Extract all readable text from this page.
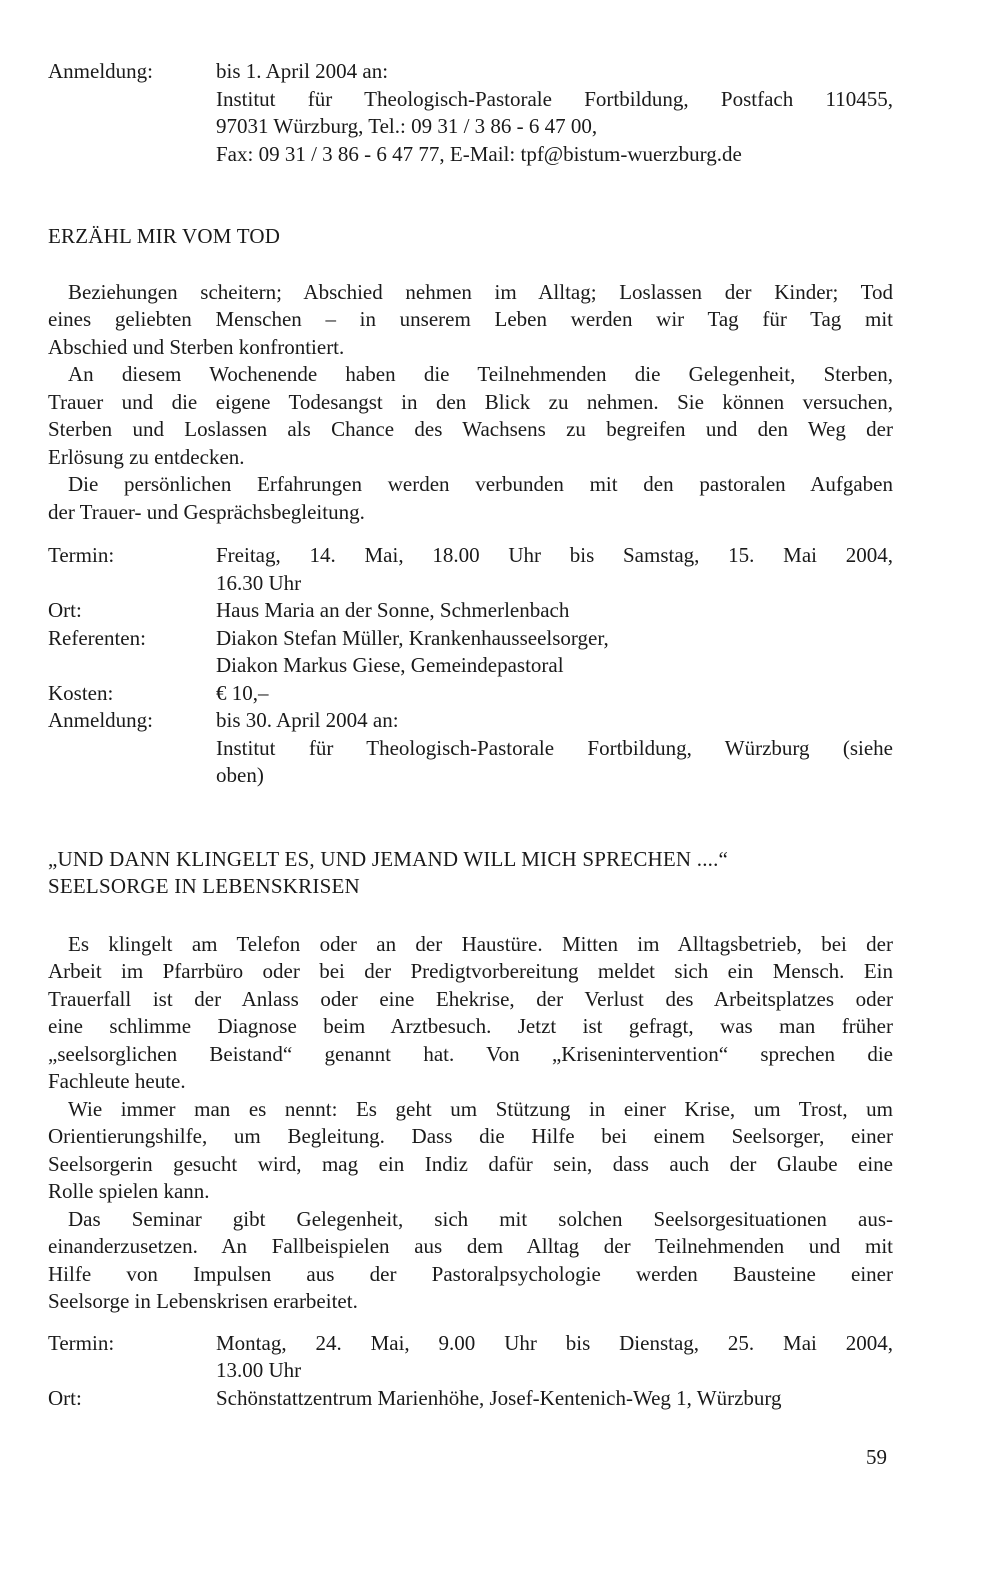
Anmeldung:	bis 1. April 2004 an:
Institut für Theologisch-Pastorale Fortbildung, Postfach 110455,
97031 Würzburg, Tel.: 09 31 / 3 86 - 6 47 00,
Fax: 09 31 / 3 86 - 6 47 77, E-Mail: tpf@bistum-wuerzburg.de
ERZÄHL MIR VOM TOD
Beziehungen scheitern; Abschied nehmen im Alltag; Loslassen der Kinder; Tod
eines geliebten Menschen – in unserem Leben werden wir Tag für Tag mit
Abschied und Sterben konfrontiert.
An diesem Wochenende haben die Teilnehmenden die Gelegenheit, Sterben,
Trauer und die eigene Todesangst in den Blick zu nehmen. Sie können versuchen,
Sterben und Loslassen als Chance des Wachsens zu begreifen und den Weg der
Erlösung zu entdecken.
Die persönlichen Erfahrungen werden verbunden mit den pastoralen Aufgaben
der Trauer- und Gesprächsbegleitung.
Termin:	Freitag, 14. Mai, 18.00 Uhr bis Samstag, 15. Mai 2004,
16.30 Uhr
Ort:	Haus Maria an der Sonne, Schmerlenbach
Referenten:	Diakon Stefan Müller, Krankenhausseelsorger,
Diakon Markus Giese, Gemeindepastoral
Kosten:	€ 10,–
Anmeldung:	bis 30. April 2004 an:
Institut für Theologisch-Pastorale Fortbildung, Würzburg (siehe
oben)
„UND DANN KLINGELT ES, UND JEMAND WILL MICH SPRECHEN ....“
SEELSORGE IN LEBENSKRISEN
Es klingelt am Telefon oder an der Haustüre. Mitten im Alltagsbetrieb, bei der
Arbeit im Pfarrbüro oder bei der Predigtvorbereitung meldet sich ein Mensch. Ein
Trauerfall ist der Anlass oder eine Ehekrise, der Verlust des Arbeitsplatzes oder
eine schlimme Diagnose beim Arztbesuch. Jetzt ist gefragt, was man früher
„seelsorglichen Beistand“ genannt hat. Von „Krisenintervention“ sprechen die
Fachleute heute.
Wie immer man es nennt: Es geht um Stützung in einer Krise, um Trost, um
Orientierungshilfe, um Begleitung. Dass die Hilfe bei einem Seelsorger, einer
Seelsorgerin gesucht wird, mag ein Indiz dafür sein, dass auch der Glaube eine
Rolle spielen kann.
Das Seminar gibt Gelegenheit, sich mit solchen Seelsorgesituationen aus-
einanderzusetzen. An Fallbeispielen aus dem Alltag der Teilnehmenden und mit
Hilfe von Impulsen aus der Pastoralpsychologie werden Bausteine einer
Seelsorge in Lebenskrisen erarbeitet.
Termin:	Montag, 24. Mai, 9.00 Uhr bis Dienstag, 25. Mai 2004,
13.00 Uhr
Ort:	Schönstattzentrum Marienhöhe, Josef-Kentenich-Weg 1, Würzburg
59
